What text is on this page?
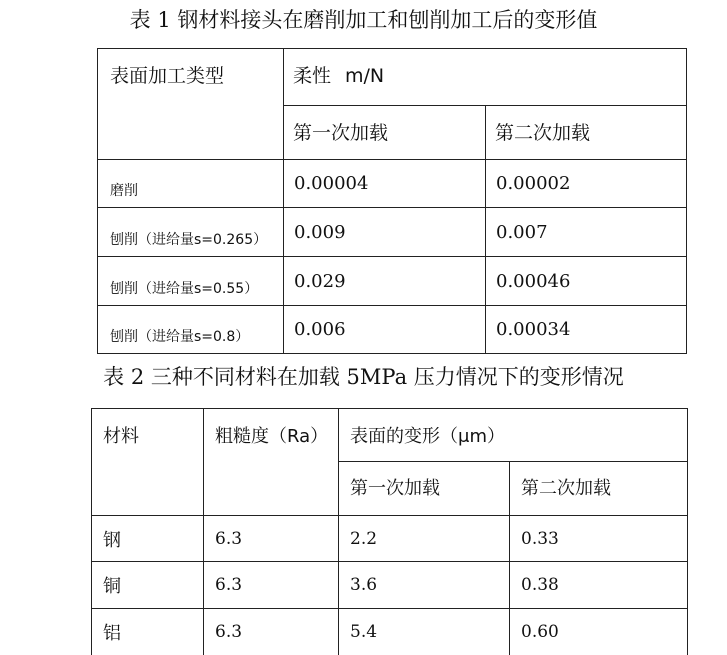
表 1 钢材料接头在磨削加工和刨削加工后的变形值
表面加工类型	柔性 m/N	
	第一次加载	第二次加载
磨削	0.00004	0.00002
刨削（进给量s=0.265）	0.009	0.007
刨削（进给量s=0.55）	0.029	0.00046
刨削（进给量s=0.8）	0.006	0.00034
表 2 三种不同材料在加载 5MPa 压力情况下的变形情况
材料	粗糙度（Ra）	表面的变形（μm）	
		第一次加载	第二次加载
钢	6.3	2.2	0.33
铜	6.3	3.6	0.38
铝	6.3	5.4	0.60
